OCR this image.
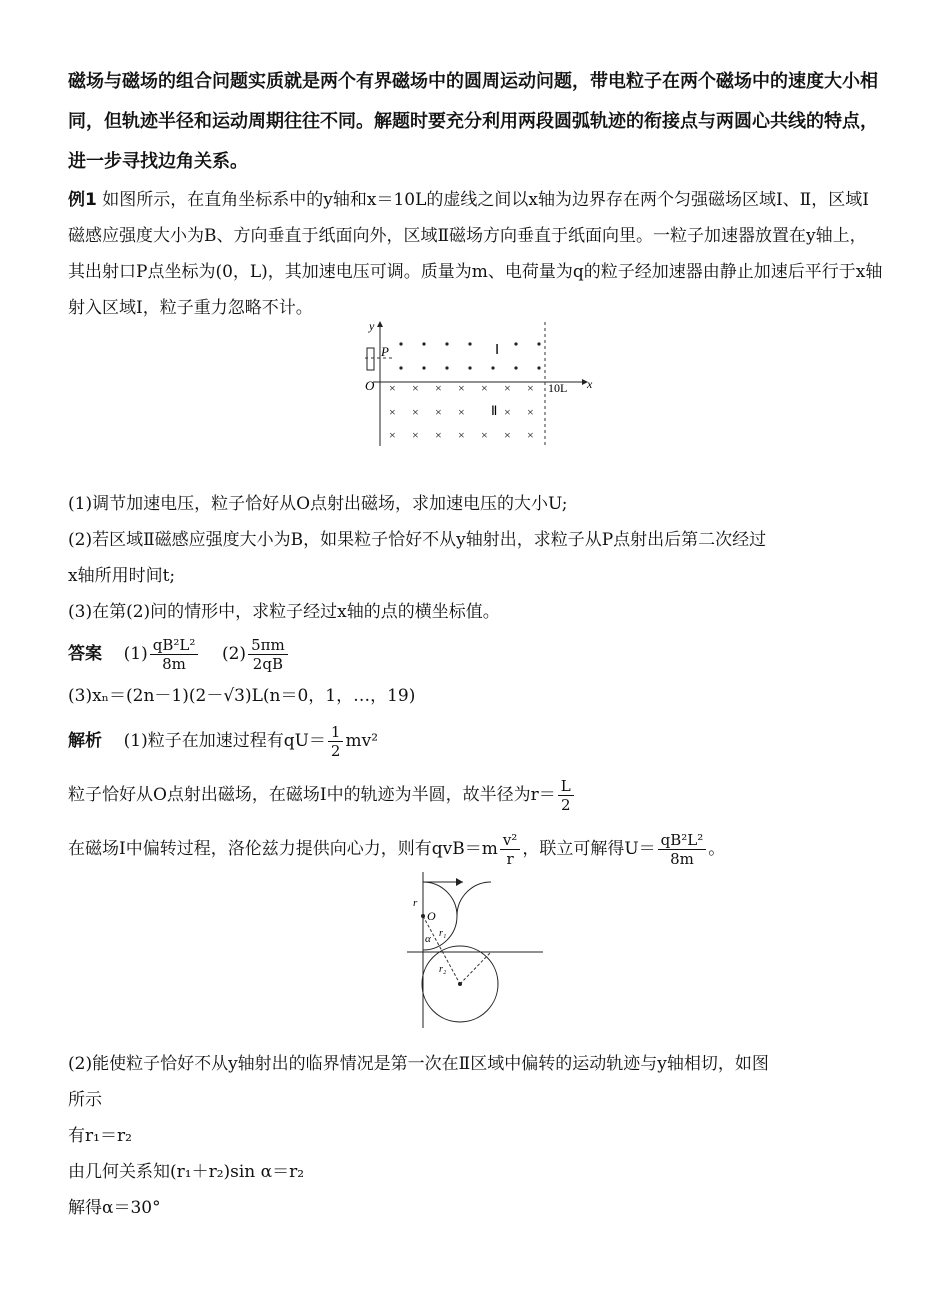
磁场与磁场的组合问题实质就是两个有界磁场中的圆周运动问题，带电粒子在两个磁场中的速度大小相同，但轨迹半径和运动周期往往不同。解题时要充分利用两段圆弧轨迹的衔接点与两圆心共线的特点，进一步寻找边角关系。
例1 如图所示，在直角坐标系中的y轴和x＝10L的虚线之间以x轴为边界存在两个匀强磁场区域Ⅰ、Ⅱ，区域Ⅰ磁感应强度大小为B、方向垂直于纸面向外，区域Ⅱ磁场方向垂直于纸面向里。一粒子加速器放置在y轴上，其出射口P点坐标为(0，L)，其加速电压可调。质量为m、电荷量为q的粒子经加速器由静止加速后平行于x轴射入区域Ⅰ，粒子重力忽略不计。
(1)调节加速电压，粒子恰好从O点射出磁场，求加速电压的大小U;
(2)若区域Ⅱ磁感应强度大小为B，如果粒子恰好不从y轴射出，求粒子从P点射出后第二次经过
x轴所用时间t;
(3)在第(2)问的情形中，求粒子经过x轴的点的横坐标值。
答案 $(1) \frac{\text{qB²L²}}{8m} (2) \frac{5\pi m}{2qB}$
(3)xₙ＝(2n－1)(2－√3)L(n＝0，1，…，19)
解析 (1)粒子在加速过程有$qU= \frac{1}{2} mv^2$
粒子恰好从O点射出磁场，在磁场Ⅰ中的轨迹为半圆，故半径为$r= \frac{L}{2}$
在磁场Ⅰ中偏转过程，洛伦兹力提供向心力，则有$qvB=m \frac{\text{v²}}{r}$ ，联立可解得$U= \frac{\text{qB²L²}}{8m}$ 。
(2)能使粒子恰好不从y轴射出的临界情况是第一次在Ⅱ区域中偏转的运动轨迹与y轴相切，如图
所示
有r₁＝r₂
由几何关系知(r₁＋r₂)sin α＝r₂
解得α＝30°
y
x
O
P	Ⅰ
Ⅱ
10L
× × × × × × ×
× × × ×	× ×
× × × × × × ×
r
O
α r₁
r₂
